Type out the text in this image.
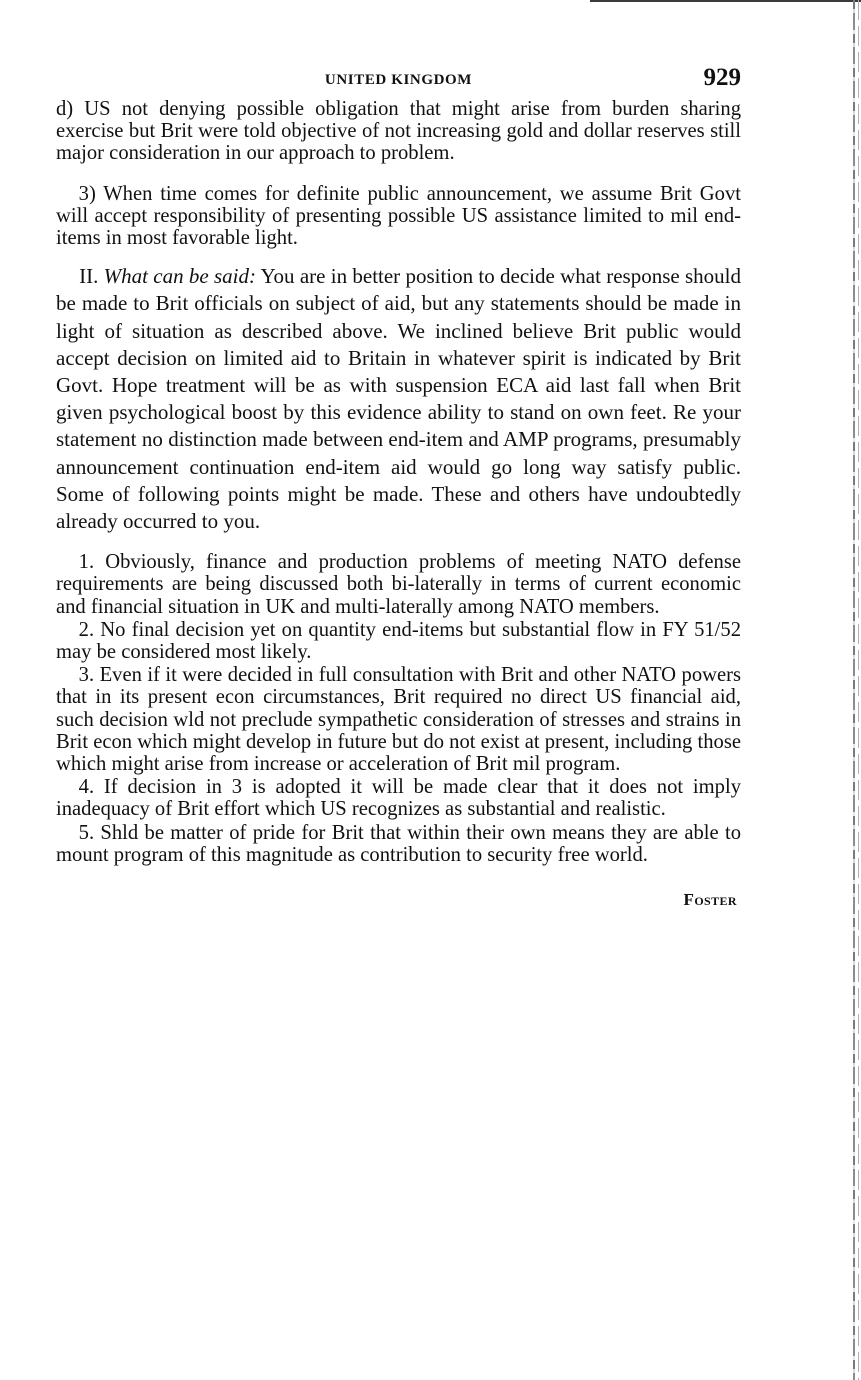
UNITED KINGDOM	929

d) US not denying possible obligation that might arise from burden sharing exercise but Brit were told objective of not increasing gold and dollar reserves still major consideration in our approach to problem.

3) When time comes for definite public announcement, we assume Brit Govt will accept responsibility of presenting possible US assistance limited to mil end-items in most favorable light.

II. What can be said: You are in better position to decide what response should be made to Brit officials on subject of aid, but any statements should be made in light of situation as described above. We inclined believe Brit public would accept decision on limited aid to Britain in whatever spirit is indicated by Brit Govt. Hope treatment will be as with suspension ECA aid last fall when Brit given psychological boost by this evidence ability to stand on own feet. Re your statement no distinction made between end-item and AMP programs, presumably announcement continuation end-item aid would go long way satisfy public. Some of following points might be made. These and others have undoubtedly already occurred to you.

1. Obviously, finance and production problems of meeting NATO defense requirements are being discussed both bi-laterally in terms of current economic and financial situation in UK and multi-laterally among NATO members.

2. No final decision yet on quantity end-items but substantial flow in FY 51/52 may be considered most likely.

3. Even if it were decided in full consultation with Brit and other NATO powers that in its present econ circumstances, Brit required no direct US financial aid, such decision wld not preclude sympathetic consideration of stresses and strains in Brit econ which might develop in future but do not exist at present, including those which might arise from increase or acceleration of Brit mil program.

4. If decision in 3 is adopted it will be made clear that it does not imply inadequacy of Brit effort which US recognizes as substantial and realistic.

5. Shld be matter of pride for Brit that within their own means they are able to mount program of this magnitude as contribution to security free world.

Foster
